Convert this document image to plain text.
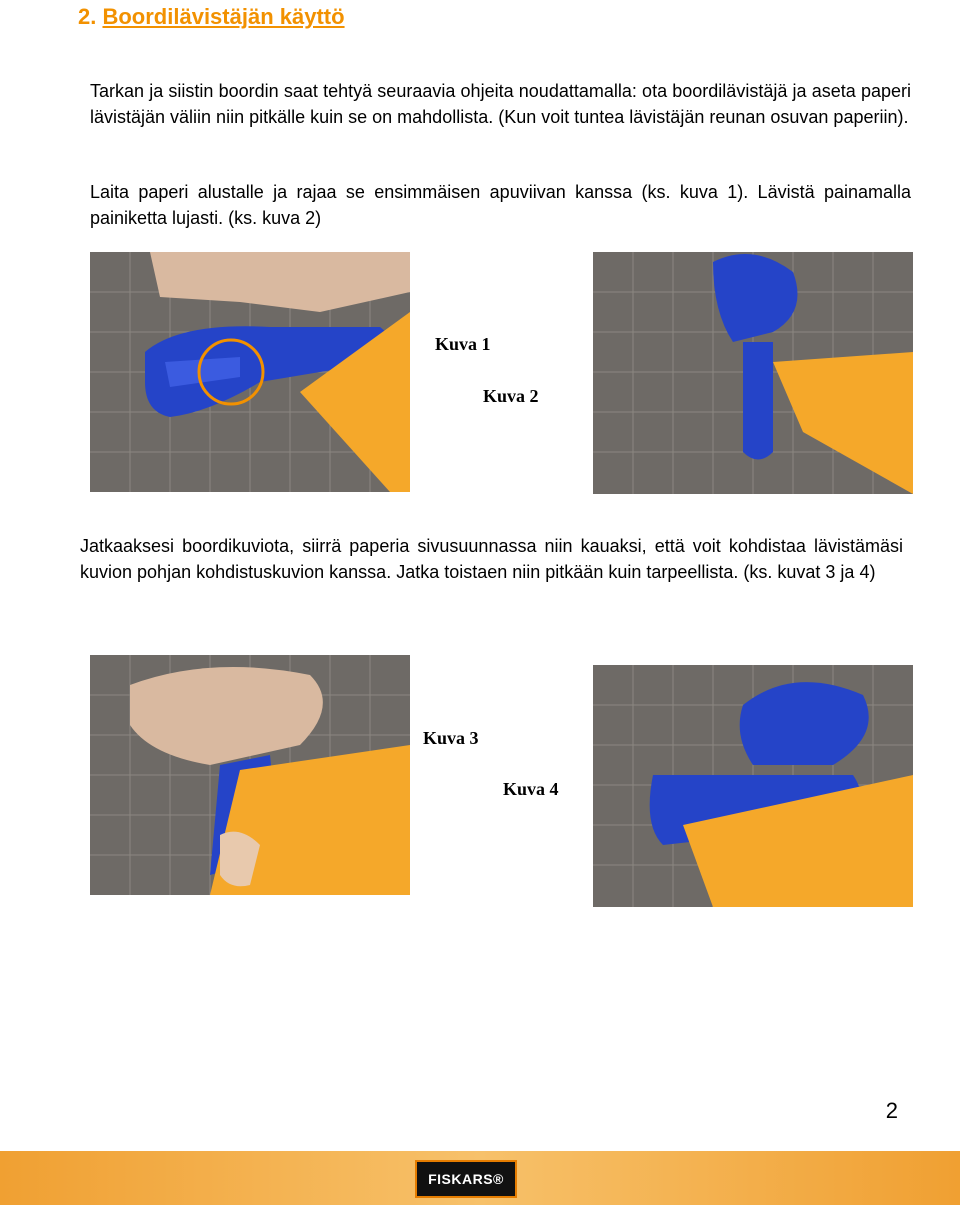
2. Boordilävistäjän käyttö

Tarkan ja siistin boordin saat tehtyä seuraavia ohjeita noudattamalla: ota boordilävistäjä ja aseta paperi lävistäjän väliin niin pitkälle kuin se on mahdollista. (Kun voit tuntea lävistäjän reunan osuvan paperiin).

Laita paperi alustalle ja rajaa se ensimmäisen apuviivan kanssa (ks. kuva 1). Lävistä painamalla painiketta lujasti. (ks. kuva 2)

Kuva 1
Kuva 2

Jatkaaksesi boordikuviota, siirrä paperia sivusuunnassa niin kauaksi, että voit kohdistaa lävistämäsi kuvion pohjan kohdistuskuvion kanssa. Jatka toistaen niin pitkään kuin tarpeellista. (ks. kuvat 3 ja 4)

Kuva 3
Kuva 4
2
FISKARS®
